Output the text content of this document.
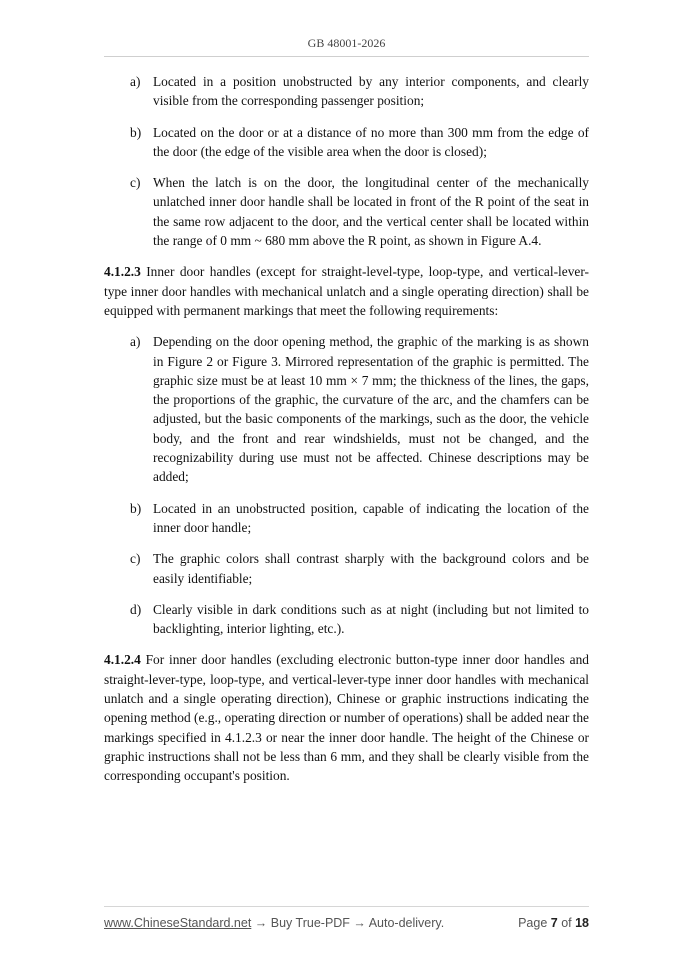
GB 48001-2026
a) Located in a position unobstructed by any interior components, and clearly visible from the corresponding passenger position;
b) Located on the door or at a distance of no more than 300 mm from the edge of the door (the edge of the visible area when the door is closed);
c) When the latch is on the door, the longitudinal center of the mechanically unlatched inner door handle shall be located in front of the R point of the seat in the same row adjacent to the door, and the vertical center shall be located within the range of 0 mm ~ 680 mm above the R point, as shown in Figure A.4.
4.1.2.3 Inner door handles (except for straight-level-type, loop-type, and vertical-lever-type inner door handles with mechanical unlatch and a single operating direction) shall be equipped with permanent markings that meet the following requirements:
a) Depending on the door opening method, the graphic of the marking is as shown in Figure 2 or Figure 3. Mirrored representation of the graphic is permitted. The graphic size must be at least 10 mm × 7 mm; the thickness of the lines, the gaps, the proportions of the graphic, the curvature of the arc, and the chamfers can be adjusted, but the basic components of the markings, such as the door, the vehicle body, and the front and rear windshields, must not be changed, and the recognizability during use must not be affected. Chinese descriptions may be added;
b) Located in an unobstructed position, capable of indicating the location of the inner door handle;
c) The graphic colors shall contrast sharply with the background colors and be easily identifiable;
d) Clearly visible in dark conditions such as at night (including but not limited to backlighting, interior lighting, etc.).
4.1.2.4 For inner door handles (excluding electronic button-type inner door handles and straight-lever-type, loop-type, and vertical-lever-type inner door handles with mechanical unlatch and a single operating direction), Chinese or graphic instructions indicating the opening method (e.g., operating direction or number of operations) shall be added near the markings specified in 4.1.2.3 or near the inner door handle. The height of the Chinese or graphic instructions shall not be less than 6 mm, and they shall be clearly visible from the corresponding occupant's position.
www.ChineseStandard.net → Buy True-PDF → Auto-delivery.	Page 7 of 18
